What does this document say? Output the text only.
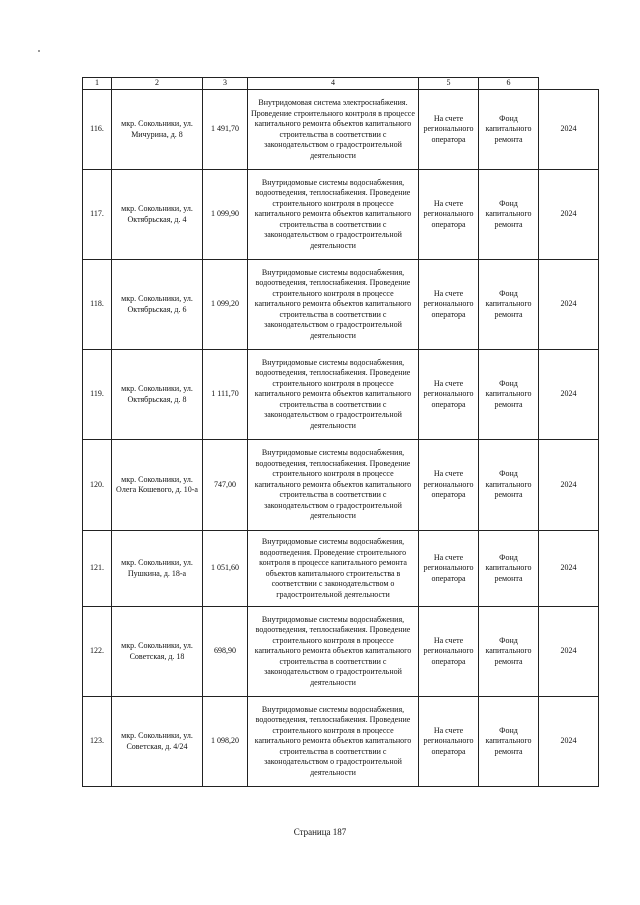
1	2	3	4	5	6	
116.	мкр. Сокольники, ул. Мичурина, д. 8	1 491,70	Внутридомовая система электроснабжения. Проведение строительного контроля в процессе капитального ремонта объектов капитального строительства в соответствии с законодательством о градостроительной деятельности	На счете регионального оператора	Фонд капитального ремонта	2024
117.	мкр. Сокольники, ул. Октябрьская, д. 4	1 099,90	Внутридомовые системы водоснабжения, водоотведения, теплоснабжения. Проведение строительного контроля в процессе капитального ремонта объектов капитального строительства в соответствии с законодательством о градостроительной деятельности	На счете регионального оператора	Фонд капитального ремонта	2024
118.	мкр. Сокольники, ул. Октябрьская, д. 6	1 099,20	Внутридомовые системы водоснабжения, водоотведения, теплоснабжения. Проведение строительного контроля в процессе капитального ремонта объектов капитального строительства в соответствии с законодательством о градостроительной деятельности	На счете регионального оператора	Фонд капитального ремонта	2024
119.	мкр. Сокольники, ул. Октябрьская, д. 8	1 111,70	Внутридомовые системы водоснабжения, водоотведения, теплоснабжения. Проведение строительного контроля в процессе капитального ремонта объектов капитального строительства в соответствии с законодательством о градостроительной деятельности	На счете регионального оператора	Фонд капитального ремонта	2024
120.	мкр. Сокольники, ул. Олега Кошевого, д. 10-а	747,00	Внутридомовые системы водоснабжения, водоотведения, теплоснабжения. Проведение строительного контроля в процессе капитального ремонта объектов капитального строительства в соответствии с законодательством о градостроительной деятельности	На счете регионального оператора	Фонд капитального ремонта	2024
121.	мкр. Сокольники, ул. Пушкина, д. 18-а	1 051,60	Внутридомовые системы водоснабжения, водоотведения. Проведение строительного контроля в процессе капитального ремонта объектов капитального строительства в соответствии с законодательством о градостроительной деятельности	На счете регионального оператора	Фонд капитального ремонта	2024
122.	мкр. Сокольники, ул. Советская, д. 18	698,90	Внутридомовые системы водоснабжения, водоотведения, теплоснабжения. Проведение строительного контроля в процессе капитального ремонта объектов капитального строительства в соответствии с законодательством о градостроительной деятельности	На счете регионального оператора	Фонд капитального ремонта	2024
123.	мкр. Сокольники, ул. Советская, д. 4/24	1 098,20	Внутридомовые системы водоснабжения, водоотведения, теплоснабжения. Проведение строительного контроля в процессе капитального ремонта объектов капитального строительства в соответствии с законодательством о градостроительной деятельности	На счете регионального оператора	Фонд капитального ремонта	2024
Страница 187
